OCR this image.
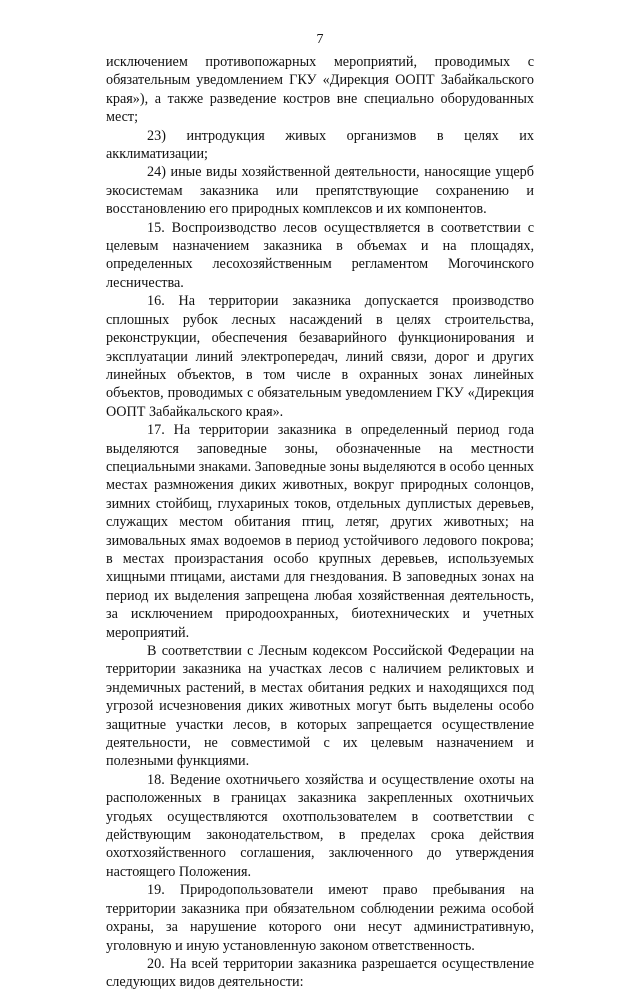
7

исключением противопожарных мероприятий, проводимых с обязательным уведомлением ГКУ «Дирекция ООПТ Забайкальского края»), а также разведение костров вне специально оборудованных мест;

23) интродукция живых организмов в целях их акклиматизации;

24) иные виды хозяйственной деятельности, наносящие ущерб экосистемам заказника или препятствующие сохранению и восстановлению его природных комплексов и их компонентов.

15. Воспроизводство лесов осуществляется в соответствии с целевым назначением заказника в объемах и на площадях, определенных лесохозяйственным регламентом Могочинского лесничества.

16. На территории заказника допускается производство сплошных рубок лесных насаждений в целях строительства, реконструкции, обеспечения безаварийного функционирования и эксплуатации линий электропередач, линий связи, дорог и других линейных объектов, в том числе в охранных зонах линейных объектов, проводимых с обязательным уведомлением ГКУ «Дирекция ООПТ Забайкальского края».

17. На территории заказника в определенный период года выделяются заповедные зоны, обозначенные на местности специальными знаками. Заповедные зоны выделяются в особо ценных местах размножения диких животных, вокруг природных солонцов, зимних стойбищ, глухариных токов, отдельных дуплистых деревьев, служащих местом обитания птиц, летяг, других животных; на зимовальных ямах водоемов в период устойчивого ледового покрова; в местах произрастания особо крупных деревьев, используемых хищными птицами, аистами для гнездования. В заповедных зонах на период их выделения запрещена любая хозяйственная деятельность, за исключением природоохранных, биотехнических и учетных мероприятий.

В соответствии с Лесным кодексом Российской Федерации на территории заказника на участках лесов с наличием реликтовых и эндемичных растений, в местах обитания редких и находящихся под угрозой исчезновения диких животных могут быть выделены особо защитные участки лесов, в которых запрещается осуществление деятельности, не совместимой с их целевым назначением и полезными функциями.

18. Ведение охотничьего хозяйства и осуществление охоты на расположенных в границах заказника закрепленных охотничьих угодьях осуществляются охотпользователем в соответствии с действующим законодательством, в пределах срока действия охотхозяйственного соглашения, заключенного до утверждения настоящего Положения.

19. Природопользователи имеют право пребывания на территории заказника при обязательном соблюдении режима особой охраны, за нарушение которого они несут административную, уголовную и иную установленную законом ответственность.

20. На всей территории заказника разрешается осуществление следующих видов деятельности:
